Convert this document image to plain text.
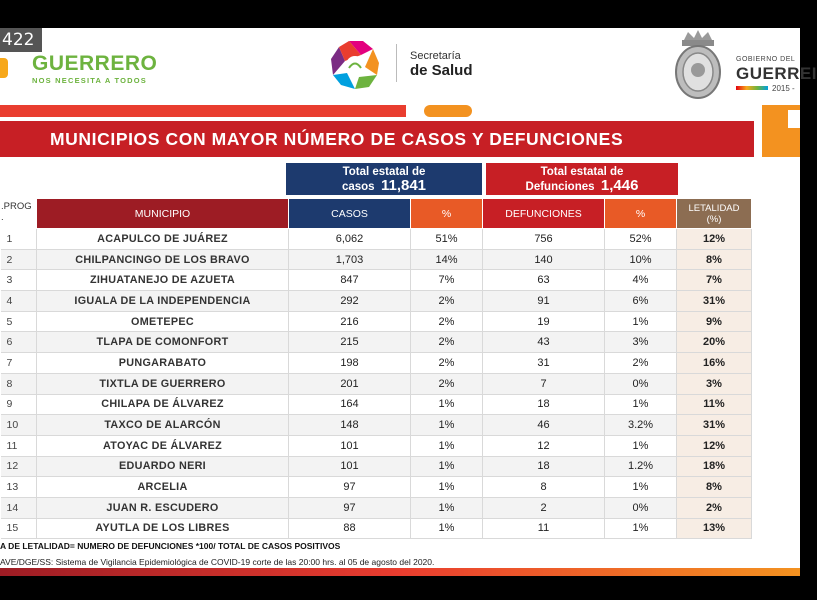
422
GUERRERO
NOS NECESITA A TODOS
Secretaría
de Salud
GOBIERNO DEL
GUERREI
2015 -
MUNICIPIOS CON MAYOR NÚMERO DE CASOS Y DEFUNCIONES
Total estatal de
casos 11,841
Total estatal de
Defunciones 1,446
.PROG
.	MUNICIPIO	CASOS	%	DEFUNCIONES	%	LETALIDAD
(%)
1	ACAPULCO DE JUÁREZ	6,062	51%	756	52%	12%
2	CHILPANCINGO DE LOS BRAVO	1,703	14%	140	10%	8%
3	ZIHUATANEJO DE AZUETA	847	7%	63	4%	7%
4	IGUALA DE LA INDEPENDENCIA	292	2%	91	6%	31%
5	OMETEPEC	216	2%	19	1%	9%
6	TLAPA DE COMONFORT	215	2%	43	3%	20%
7	PUNGARABATO	198	2%	31	2%	16%
8	TIXTLA DE GUERRERO	201	2%	7	0%	3%
9	CHILAPA DE ÁLVAREZ	164	1%	18	1%	11%
10	TAXCO DE ALARCÓN	148	1%	46	3.2%	31%
11	ATOYAC DE ÁLVAREZ	101	1%	12	1%	12%
12	EDUARDO NERI	101	1%	18	1.2%	18%
13	ARCELIA	97	1%	8	1%	8%
14	JUAN R. ESCUDERO	97	1%	2	0%	2%
15	AYUTLA DE LOS LIBRES	88	1%	11	1%	13%
A DE LETALIDAD= NUMERO DE DEFUNCIONES *100/ TOTAL DE CASOS POSITIVOS
AVE/DGE/SS: Sistema de Vigilancia Epidemiológica de COVID-19 corte de las 20:00 hrs. al 05 de agosto del 2020.
